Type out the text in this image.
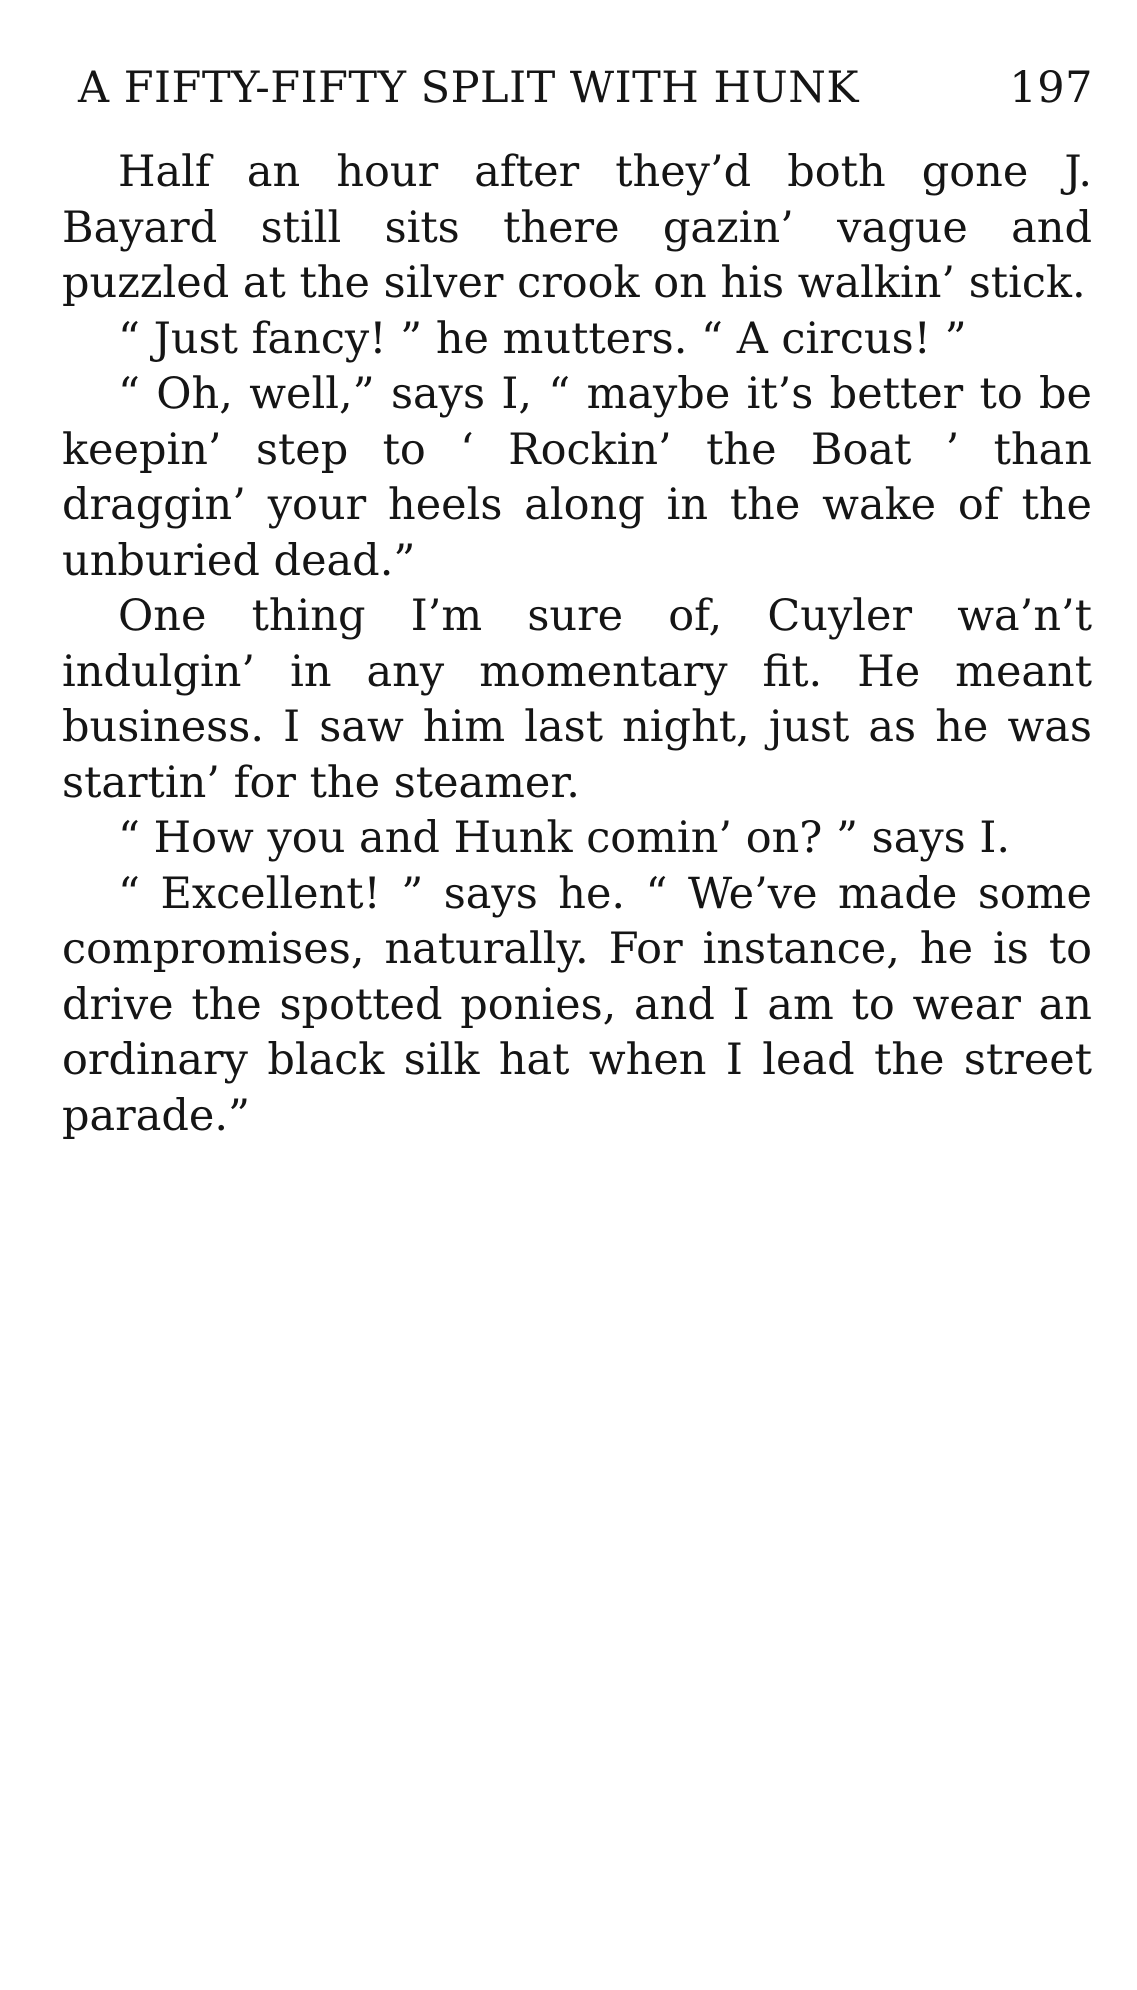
A FIFTY-FIFTY SPLIT WITH HUNK	197

Half an hour after they’d both gone J. Bayard still sits there gazin’ vague and puzzled at the silver crook on his walkin’ stick.

“ Just fancy! ” he mutters. “ A circus! ”

“ Oh, well,” says I, “ maybe it’s better to be keepin’ step to ‘ Rockin’ the Boat ’ than draggin’ your heels along in the wake of the unburied dead.”

One thing I’m sure of, Cuyler wa’n’t indulgin’ in any momentary fit. He meant business. I saw him last night, just as he was startin’ for the steamer.

“ How you and Hunk comin’ on? ” says I.

“ Excellent! ” says he. “ We’ve made some compromises, naturally. For instance, he is to drive the spotted ponies, and I am to wear an ordinary black silk hat when I lead the street parade.”
